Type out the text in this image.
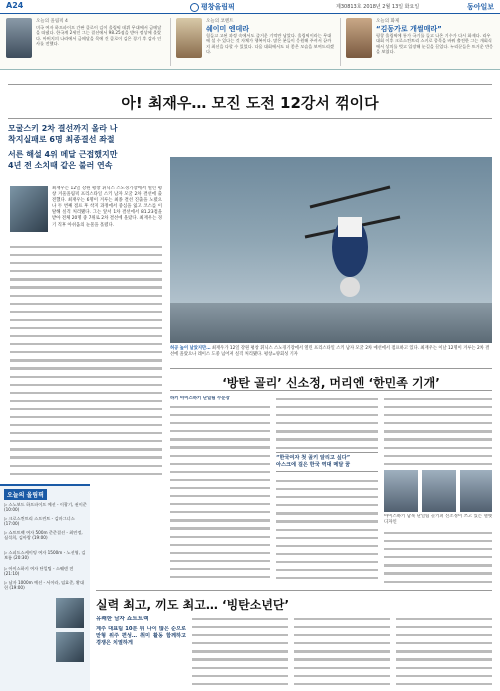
A24	평창올림픽	제30813호 2018년 2월 13일 화요일	동아일보
오늘의 올림픽 4
미국 여자 하프파이프 간판 클로이 김이 올림픽 데뷔 무대에서 금메달을 따냈다. 한국계 2세인 그는 결선에서 98.25점을 받아 정상에 올랐다. 아버지의 나라에서 금메달을 목에 건 클로이 김은 경기 후 감사 인사를 전했다.
오늘의 코멘트
쉐이미 엔데라
힘들고 고된 과정 속에서도 즐거운 기억만 남았다. 올림픽이라는 무대에 설 수 있다는 것 자체가 행복이다. 많은 분들이 응원해 주셔서 끝까지 최선을 다할 수 있었다. 다음 대회에서도 더 좋은 모습을 보여드리겠다.
오늘의 화제
“김동가로 개썰매라”
평창 올림픽에 통가 국기를 들고 나온 기수가 다시 화제다. 리우 대회 이후 크로스컨트리 스키로 종목을 바꿔 출전한 그는 개회식에서 상의를 벗고 입장해 눈길을 끌었다. 누리꾼들은 뜨거운 반응을 보였다.
아! 최재우… 모진 도전 12강서 꺾이다
모굴스키 2차 결선까지 올라 나
착지실패로 6명 최종결선 좌절
서른 해설 4위 메달 근접했지만
4년 전 소치때 같은 불러 연속
최재우는 12일 강원 평창 휘닉스 스노경기장에서 열린 평창 겨울올림픽 프리스타일 스키 남자 모굴 2차 결선에 출전했다. 최재우는 6명이 겨루는 최종 결선 진출을 노렸으나 두 번째 점프 후 착지 과정에서 중심을 잃고 코스를 이탈해 실격 처리됐다. 그는 앞서 1차 결선에서 81.23점을 받아 전체 20명 중 7위로 2차 결선에 올랐다. 최재우는 경기 직후 아쉬움의 눈물을 흘렸다.
허공 높이 날았지만… 최재우가 12일 강원 평창 휘닉스 스노경기장에서 열린 프리스타일 스키 남자 모굴 2차 예선에서 점프하고 있다. 최재우는 이날 12명이 겨루는 2차 결선에 올랐으나 레이스 도중 넘어져 실격 처리됐다. 평창=양회성 기자
‘방탄 골리’ 신소정, 머리엔 ‘한민족 기개’
하키 아이스하키 단일팀 수문장
“한국여자 첫 골키 알리고 싶다”
아스크에 걸은 한국 역대 메달 꿈
아이스하키 남북 단일팀 골키퍼 신소정이 쓰고 있는 헬멧 디자인
오늘의 올림픽
▷ 스노보드 하프파이프 예선 - 이광기, 권이준 (10:00)
▷ 크로스컨트리 스프린트 - 김마그너스 (17:00)
▷ 쇼트트랙 여자 500m 준준결선 - 최민정, 심석희, 김아랑 (19:00)
▷ 스피드스케이팅 여자 1500m - 노선영, 김보름 (20:30)
▷ 아이스하키 여자 단일팀 - 스웨덴 전 (21:10)
▷ 남자 1000m 예선 - 서이라, 임효준, 황대헌 (19:00)
실력 최고, 끼도 최고… ‘빙탄소년단’
유쾌한 남자 쇼트트랙
계주 대표팀 10분 뒤 나이 많은 순으로 맏형 위주 편성… 취미 활동 함께하고 경쟁은 치열하게
